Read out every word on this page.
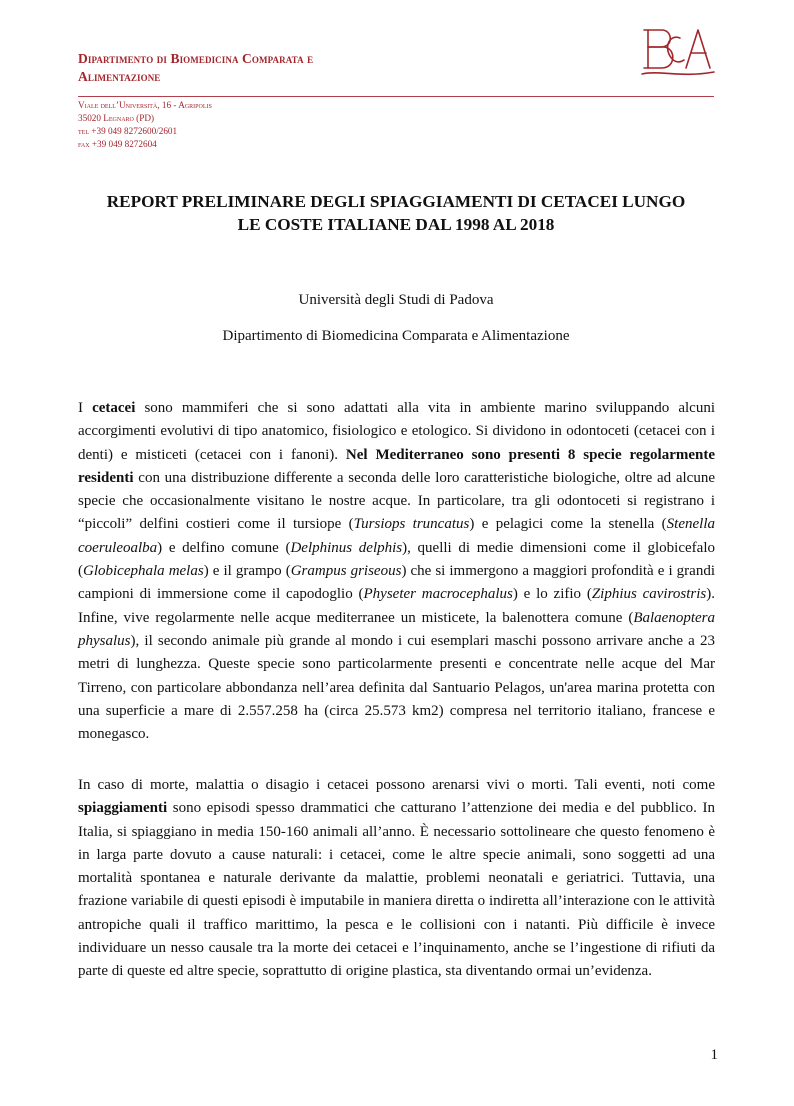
Dipartimento di Biomedicina Comparata e
Alimentazione
Viale dell’Università, 16 - Agripolis
35020 Legnaro (PD)
tel +39 049 8272600/2601
fax +39 049 8272604
REPORT PRELIMINARE DEGLI SPIAGGIAMENTI DI CETACEI LUNGO
LE COSTE ITALIANE DAL 1998 AL 2018
Università degli Studi di Padova
Dipartimento di Biomedicina Comparata e Alimentazione
I cetacei sono mammiferi che si sono adattati alla vita in ambiente marino sviluppando alcuni accorgimenti evolutivi di tipo anatomico, fisiologico e etologico. Si dividono in odontoceti (cetacei con i denti) e misticeti (cetacei con i fanoni). Nel Mediterraneo sono presenti 8 specie regolarmente residenti con una distribuzione differente a seconda delle loro caratteristiche biologiche, oltre ad alcune specie che occasionalmente visitano le nostre acque. In particolare, tra gli odontoceti si registrano i “piccoli” delfini costieri come il tursiope (Tursiops truncatus) e pelagici come la stenella (Stenella coeruleoalba) e delfino comune (Delphinus delphis), quelli di medie dimensioni come il globicefalo (Globicephala melas) e il grampo (Grampus griseous) che si immergono a maggiori profondità e i grandi campioni di immersione come il capodoglio (Physeter macrocephalus) e lo zifio (Ziphius cavirostris). Infine, vive regolarmente nelle acque mediterranee un misticete, la balenottera comune (Balaenoptera physalus), il secondo animale più grande al mondo i cui esemplari maschi possono arrivare anche a 23 metri di lunghezza. Queste specie sono particolarmente presenti e concentrate nelle acque del Mar Tirreno, con particolare abbondanza nell’area definita dal Santuario Pelagos, un'area marina protetta con una superficie a mare di 2.557.258 ha (circa 25.573 km2) compresa nel territorio italiano, francese e monegasco.
In caso di morte, malattia o disagio i cetacei possono arenarsi vivi o morti. Tali eventi, noti come spiaggiamenti sono episodi spesso drammatici che catturano l’attenzione dei media e del pubblico. In Italia, si spiaggiano in media 150-160 animali all’anno. È necessario sottolineare che questo fenomeno è in larga parte dovuto a cause naturali: i cetacei, come le altre specie animali, sono soggetti ad una mortalità spontanea e naturale derivante da malattie, problemi neonatali e geriatrici. Tuttavia, una frazione variabile di questi episodi è imputabile in maniera diretta o indiretta all’interazione con le attività antropiche quali il traffico marittimo, la pesca e le collisioni con i natanti. Più difficile è invece individuare un nesso causale tra la morte dei cetacei e l’inquinamento, anche se l’ingestione di rifiuti da parte di queste ed altre specie, soprattutto di origine plastica, sta diventando ormai un’evidenza.
1
